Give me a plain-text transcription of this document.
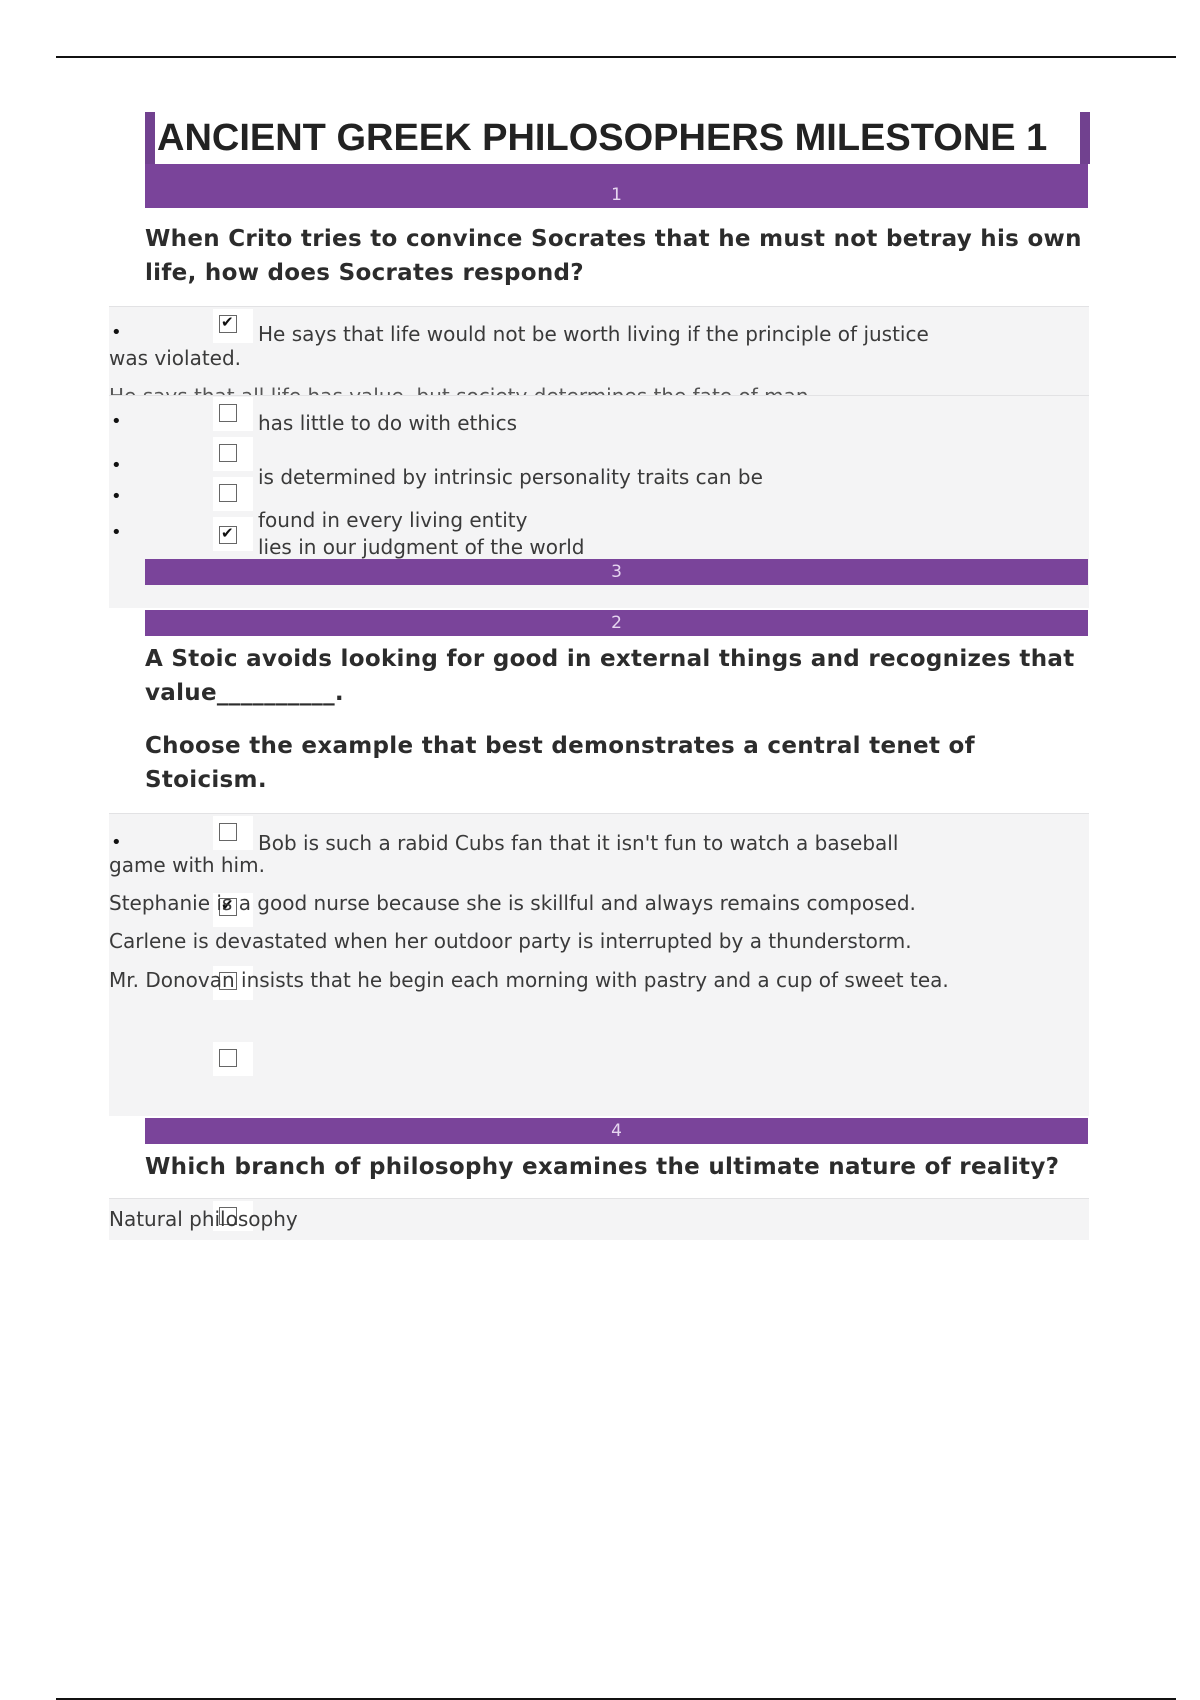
ANCIENT GREEK PHILOSOPHERS MILESTONE 1
1
When Crito tries to convince Socrates that he must not betray his own life, how does Socrates respond?
•
✔	He says that life would not be worth living if the principle of justice
was violated.
•
•
•
•
✔
has little to do with ethics
is determined by intrinsic personality traits can be
found in every living entity
lies in our judgment of the world
3
2
A Stoic avoids looking for good in external things and recognizes that value__________.
Choose the example that best demonstrates a central tenet of Stoicism.
•
✔	Bob is such a rabid Cubs fan that it isn't fun to watch a baseball
game with him.
Stephanie is a good nurse because she is skillful and always remains composed.
Carlene is devastated when her outdoor party is interrupted by a thunderstorm.
Mr. Donovan insists that he begin each morning with pastry and a cup of sweet tea.
4
Which branch of philosophy examines the ultimate nature of reality?
Natural philosophy
